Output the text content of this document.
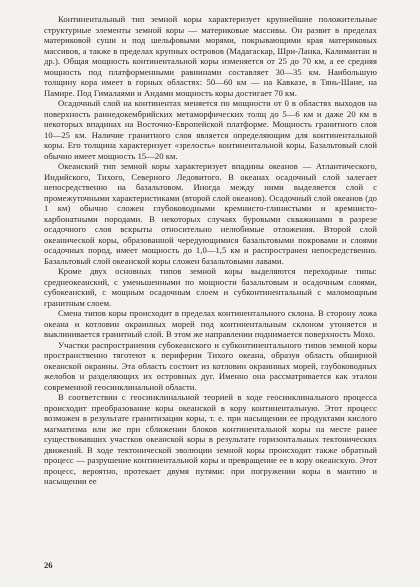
Континентальный тип земной коры характеризует крупнейшие положительные структурные элементы земной коры — материковые массивы. Он развит в пределах материковой суши и под шельфовыми морями, покрывающими края материковых массивов, а также в пределах крупных островов (Мадагаскар, Шри-Ланка, Калимантан и др.). Общая мощность континентальной коры изменяется от 25 до 70 км, а ее средняя мощность под платформенными равнинами составляет 30—35 км. Наибольшую толщину кора имеет в горных областях: 50—60 км — на Кавказе, в Тянь-Шане, на Памире. Под Гималаями и Андами мощность коры достигает 70 км.

Осадочный слой на континентах меняется по мощности от 0 в областях выходов на поверхность раннедокембрийских метаморфических толщ до 5—6 км и даже 20 км в некоторых впадинах на Восточно-Европейской платформе. Мощность гранитного слоя 10—25 км. Наличие гранитного слоя является определяющим для континентальной коры. Его толщина характеризует «зрелость» континентальной коры. Базальтовый слой обычно имеет мощность 15—20 км.

Океанский тип земной коры характеризует впадины океанов — Атлантического, Индийского, Тихого, Северного Ледовитого. В океанах осадочный слой залегает непосредственно на базальтовом. Иногда между ними выделяется слой с промежуточными характеристиками (второй слой океанов). Осадочный слой океанов (до 1 км) обычно сложен глубоководными кремнисто-глинистыми и кремнисто-карбонатными породами. В некоторых случаях буровыми скважинами в разрезе осадочного слоя вскрыты относительно нелюбимые отложения. Второй слой океанической коры, образованной чередующимися базальтовыми покровами и слоями осадочных пород, имеет мощность до 1,0—1,5 км и распространен непосредственно. Базальтовый слой океанской коры сложен базальтовыми лавами.

Кроме двух основных типов земной коры выделяются переходные типы: среднеокеанский, с уменьшенными по мощности базальтовым и осадочным слоями, субокеанский, с мощным осадочным слоем и субконтинентальный с маломощным гранитным слоем.

Смена типов коры происходит в пределах континентального склона. В сторону ложа океана и котловин окраинных морей под континентальным склоном утоняется и выклинивается гранитный слой. В этом же направлении поднимается поверхность Мохо.

Участки распространения субокеанского и субконтинентального типов земной коры пространственно тяготеют к периферии Тихого океана, образуя область обширной океанской окраины. Эта область состоит из котловин окраинных морей, глубоководных желобов и разделяющих их островных дуг. Именно она рассматривается как эталон современной геосинклинальной области.

В соответствии с геосинклинальной теорией в ходе геосинклинального процесса происходит преобразование коры океанской в кору континентальную. Этот процесс возможен в результате гранитизации коры, т. е. при насыщении ее продуктами кислого магматизма или же при сближении блоков континентальной коры на месте ранее существовавших участков океанской коры в результате горизонтальных тектонических движений. В ходе тектонической эволюции земной коры происходит также обратный процесс — разрушение континентальной коры и превращение ее в кору океанскую. Этот процесс, вероятно, протекает двумя путями: при погружении коры в мантию и насыщении ее

26
